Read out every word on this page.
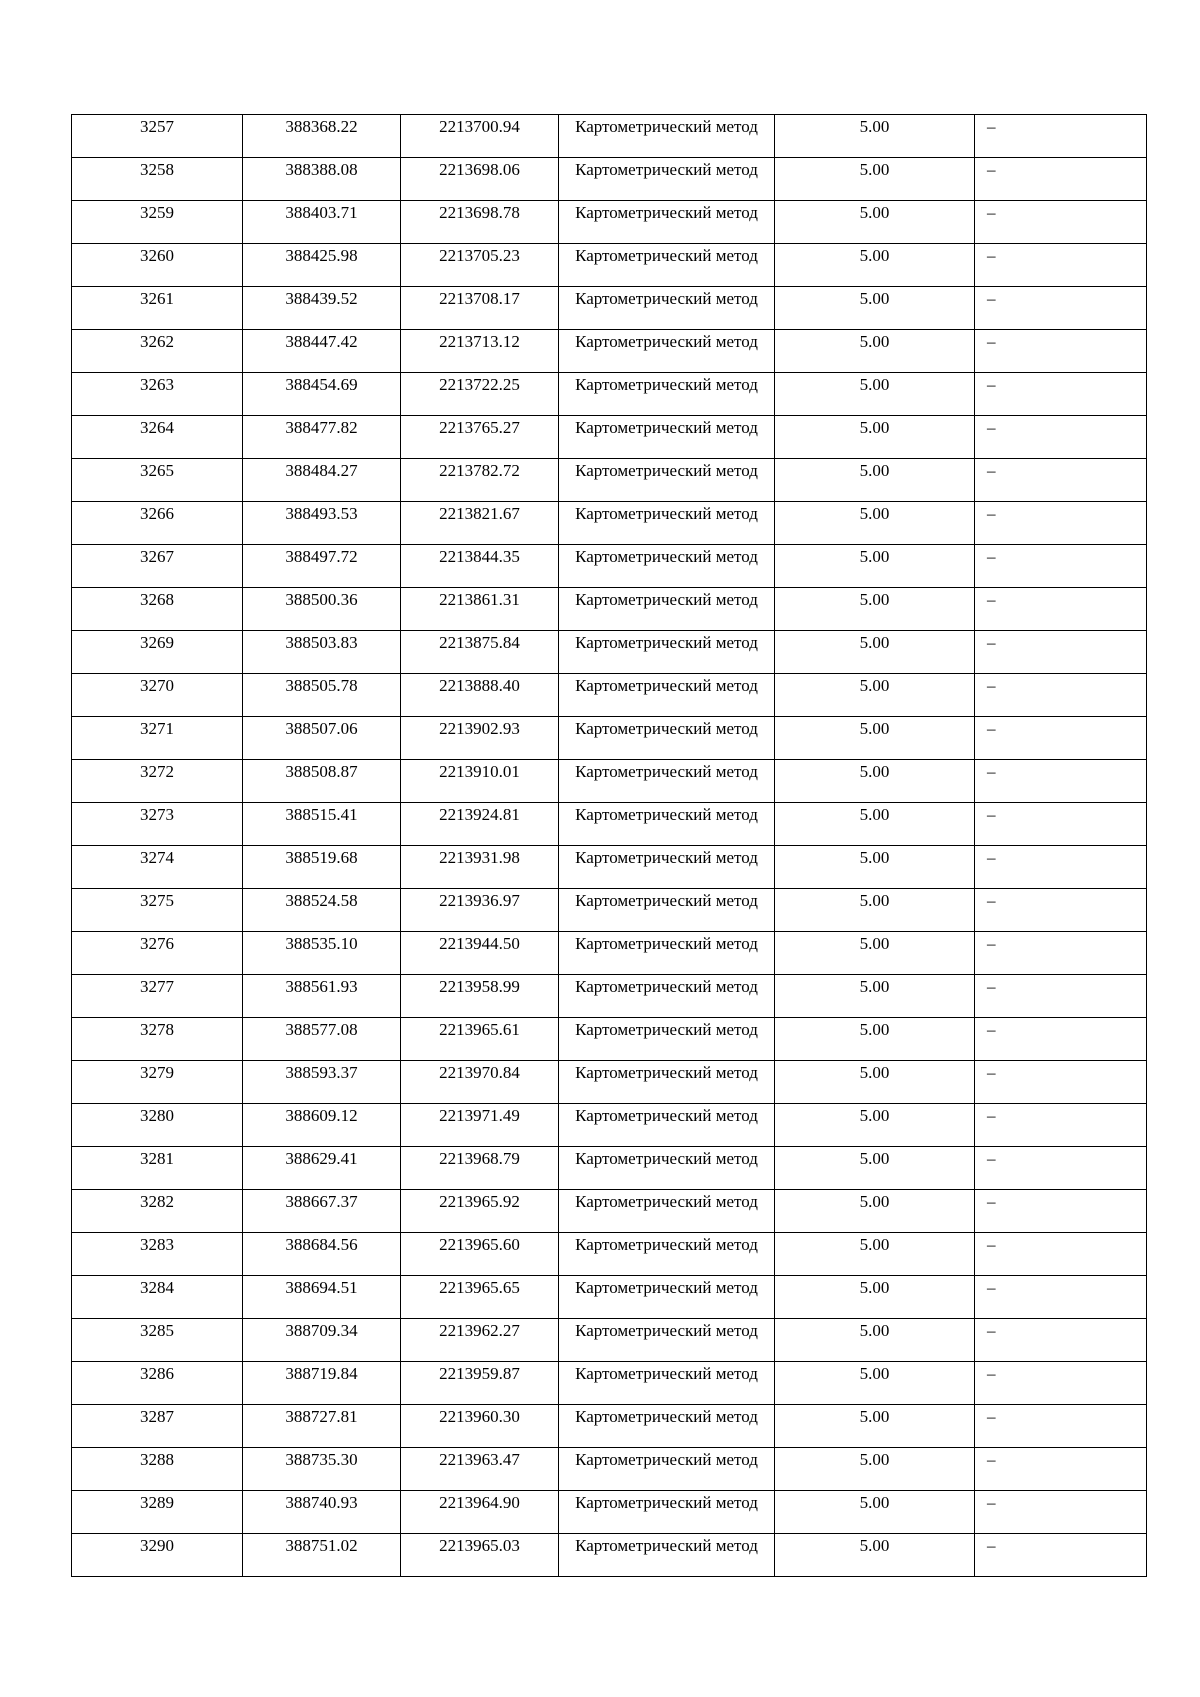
3257	388368.22	2213700.94	Картометрический метод	5.00	–

3258	388388.08	2213698.06	Картометрический метод	5.00	–

3259	388403.71	2213698.78	Картометрический метод	5.00	–

3260	388425.98	2213705.23	Картометрический метод	5.00	–

3261	388439.52	2213708.17	Картометрический метод	5.00	–

3262	388447.42	2213713.12	Картометрический метод	5.00	–

3263	388454.69	2213722.25	Картометрический метод	5.00	–

3264	388477.82	2213765.27	Картометрический метод	5.00	–

3265	388484.27	2213782.72	Картометрический метод	5.00	–

3266	388493.53	2213821.67	Картометрический метод	5.00	–

3267	388497.72	2213844.35	Картометрический метод	5.00	–

3268	388500.36	2213861.31	Картометрический метод	5.00	–

3269	388503.83	2213875.84	Картометрический метод	5.00	–

3270	388505.78	2213888.40	Картометрический метод	5.00	–

3271	388507.06	2213902.93	Картометрический метод	5.00	–

3272	388508.87	2213910.01	Картометрический метод	5.00	–

3273	388515.41	2213924.81	Картометрический метод	5.00	–

3274	388519.68	2213931.98	Картометрический метод	5.00	–

3275	388524.58	2213936.97	Картометрический метод	5.00	–

3276	388535.10	2213944.50	Картометрический метод	5.00	–

3277	388561.93	2213958.99	Картометрический метод	5.00	–

3278	388577.08	2213965.61	Картометрический метод	5.00	–

3279	388593.37	2213970.84	Картометрический метод	5.00	–

3280	388609.12	2213971.49	Картометрический метод	5.00	–

3281	388629.41	2213968.79	Картометрический метод	5.00	–

3282	388667.37	2213965.92	Картометрический метод	5.00	–

3283	388684.56	2213965.60	Картометрический метод	5.00	–

3284	388694.51	2213965.65	Картометрический метод	5.00	–

3285	388709.34	2213962.27	Картометрический метод	5.00	–

3286	388719.84	2213959.87	Картометрический метод	5.00	–

3287	388727.81	2213960.30	Картометрический метод	5.00	–

3288	388735.30	2213963.47	Картометрический метод	5.00	–

3289	388740.93	2213964.90	Картометрический метод	5.00	–

3290	388751.02	2213965.03	Картометрический метод	5.00	–
